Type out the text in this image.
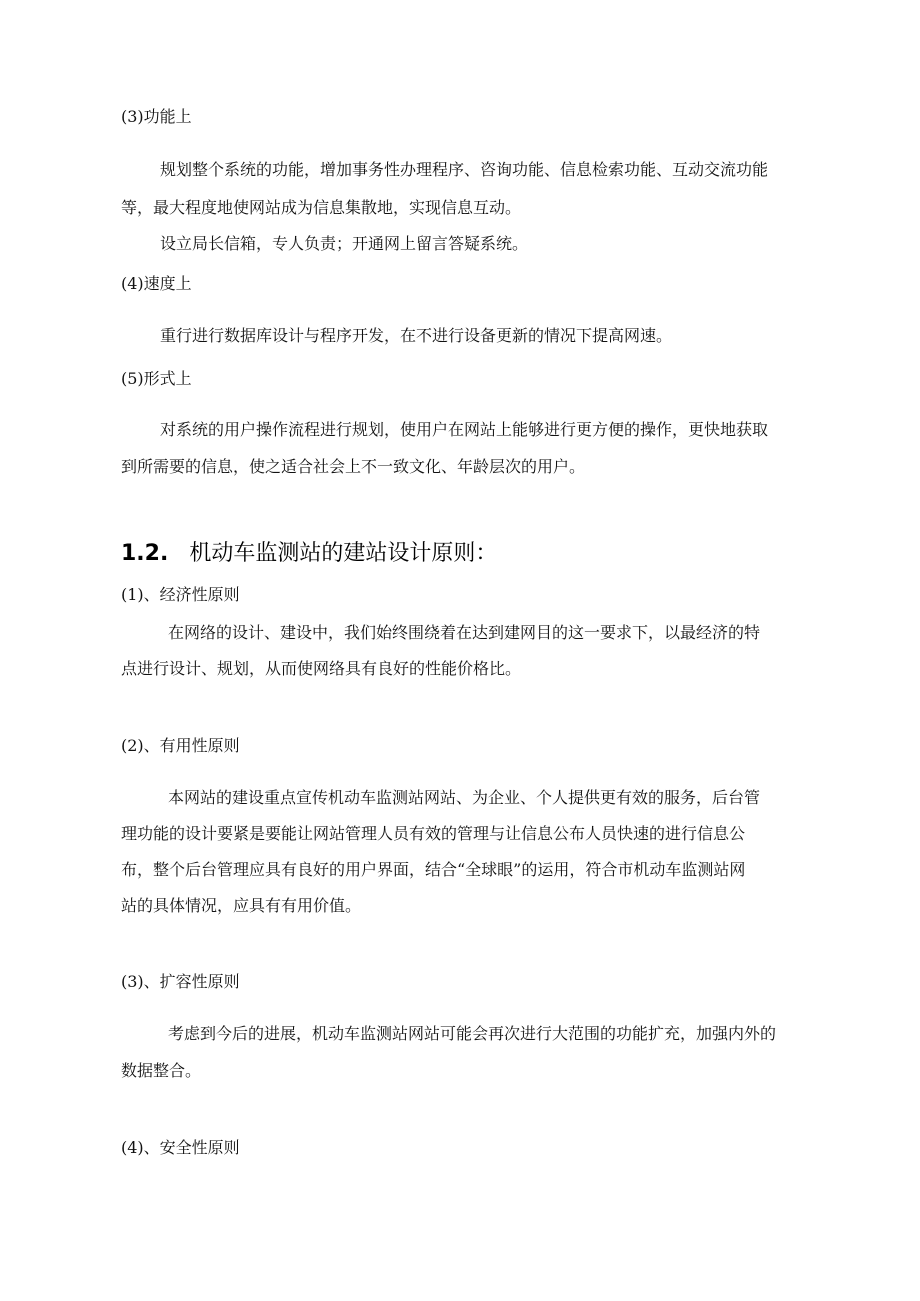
(3)功能上
规划整个系统的功能，增加事务性办理程序、咨询功能、信息检索功能、互动交流功能
等，最大程度地使网站成为信息集散地，实现信息互动。
设立局长信箱，专人负责；开通网上留言答疑系统。
(4)速度上
重行进行数据库设计与程序开发，在不进行设备更新的情况下提高网速。
(5)形式上
对系统的用户操作流程进行规划，使用户在网站上能够进行更方便的操作，更快地获取
到所需要的信息，使之适合社会上不一致文化、年龄层次的用户。
1.2. 机动车监测站的建站设计原则：
(1)、经济性原则
在网络的设计、建设中，我们始终围绕着在达到建网目的这一要求下，以最经济的特
点进行设计、规划，从而使网络具有良好的性能价格比。
(2)、有用性原则
本网站的建设重点宣传机动车监测站网站、为企业、个人提供更有效的服务，后台管
理功能的设计要紧是要能让网站管理人员有效的管理与让信息公布人员快速的进行信息公
布，整个后台管理应具有良好的用户界面，结合“全球眼”的运用，符合市机动车监测站网
站的具体情况，应具有有用价值。
(3)、扩容性原则
考虑到今后的进展，机动车监测站网站可能会再次进行大范围的功能扩充，加强内外的
数据整合。
(4)、安全性原则
